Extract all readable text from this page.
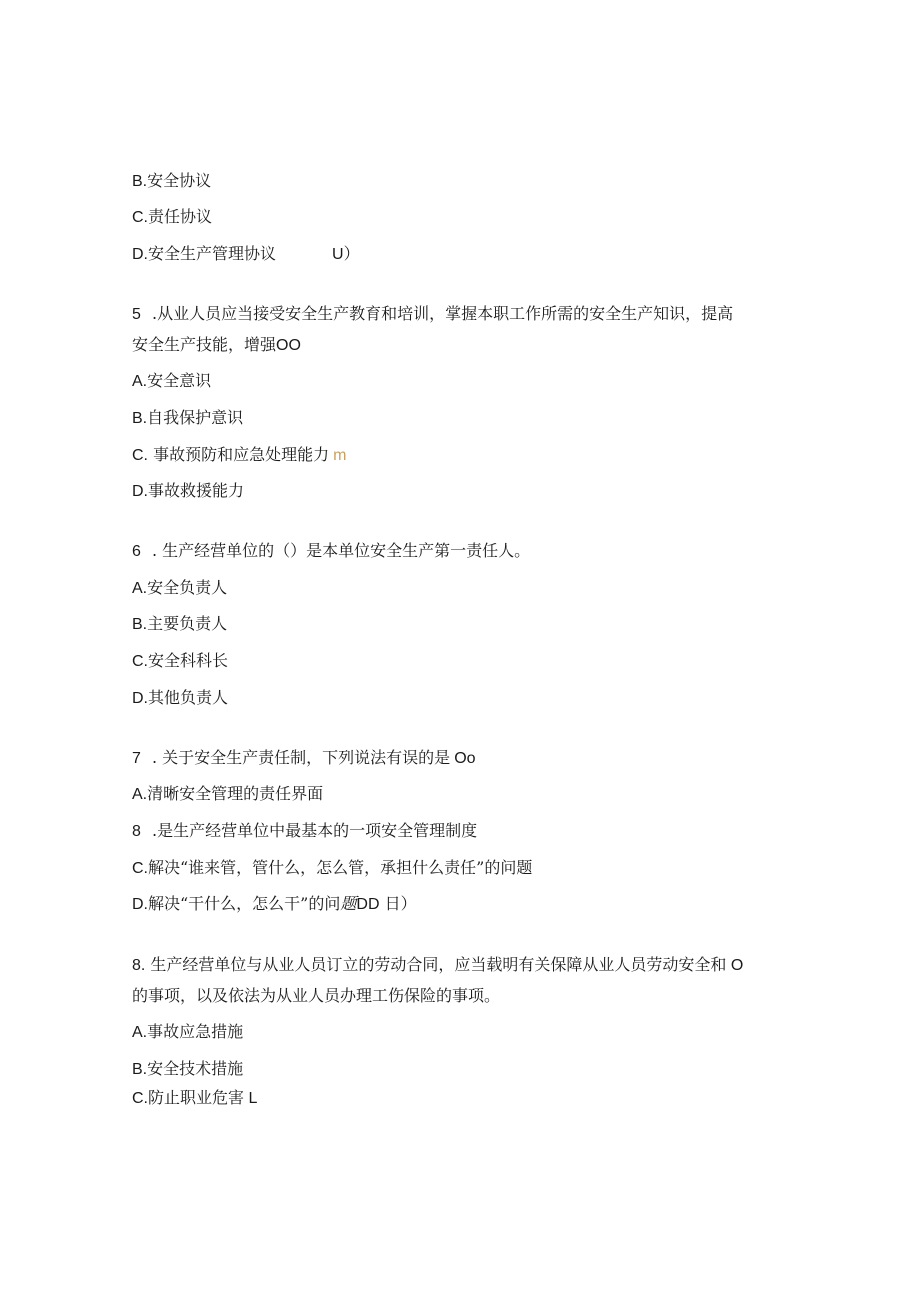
B.安全协议
C.责任协议
D.安全生产管理协议	U）
5 .从业人员应当接受安全生产教育和培训，掌握本职工作所需的安全生产知识，提高
安全生产技能，增强OO
A.安全意识
B.自我保护意识
C. 事故预防和应急处理能力 m
D.事故救援能力
6 . 生产经营单位的（）是本单位安全生产第一责任人。
A.安全负责人
B.主要负责人
C.安全科科长
D.其他负责人
7 . 关于安全生产责任制，下列说法有误的是 Oo
A.清晰安全管理的责任界面
8 .是生产经营单位中最基本的一项安全管理制度
C.解决“谁来管，管什么，怎么管，承担什么责任”的问题
D.解决“干什么，怎么干”的问题DD 日）
8. 生产经营单位与从业人员订立的劳动合同，应当载明有关保障从业人员劳动安全和 O
的事项，以及依法为从业人员办理工伤保险的事项。
A.事故应急措施
B.安全技术措施
C.防止职业危害 L
